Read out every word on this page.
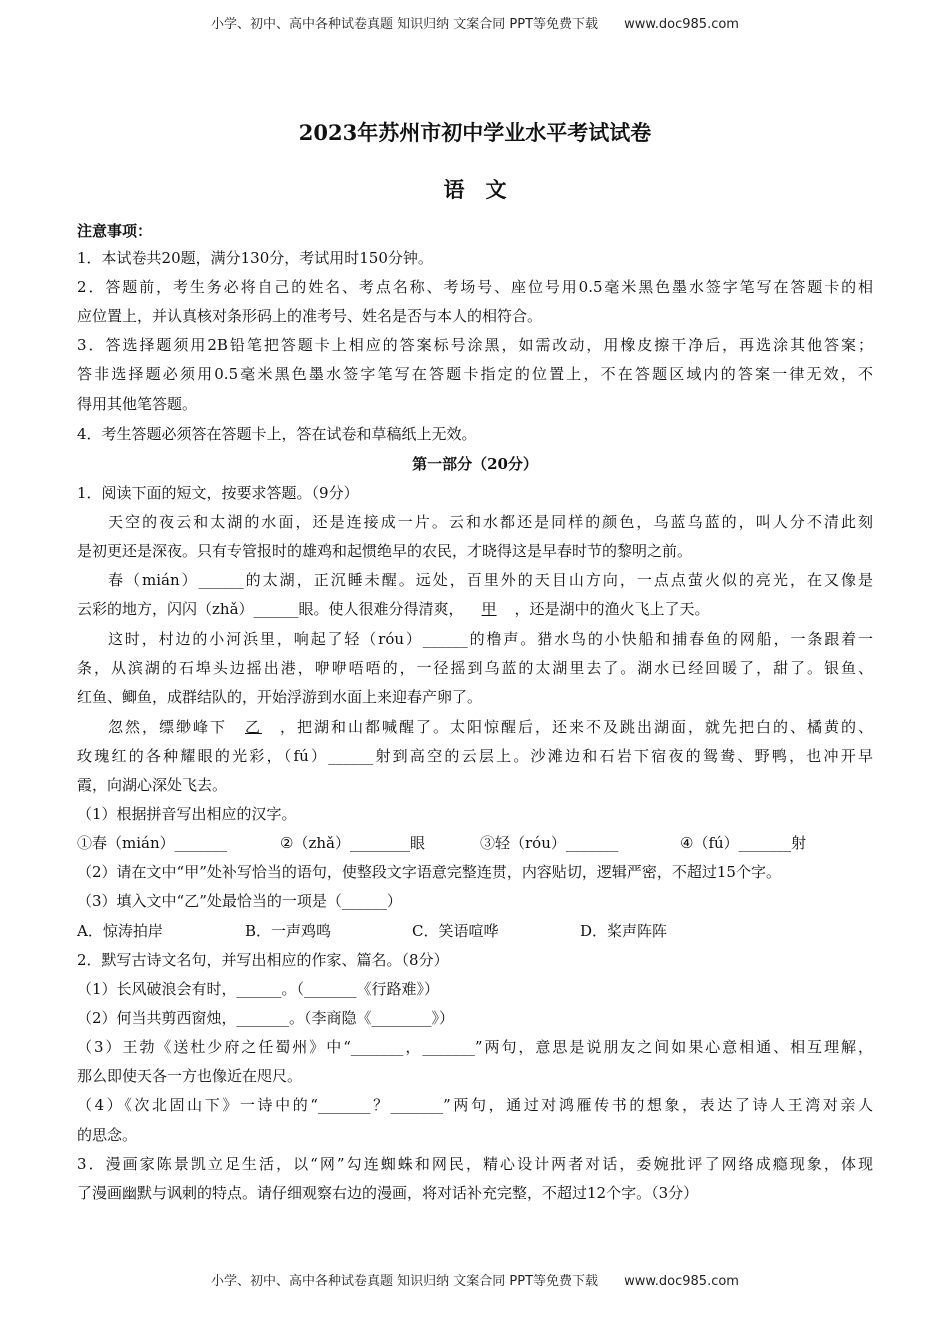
小学、初中、高中各种试卷真题 知识归纳 文案合同 PPT等免费下载 www.doc985.com
2023年苏州市初中学业水平考试试卷
语　文
注意事项：
1．本试卷共20题，满分130分，考试用时150分钟。
2．答题前，考生务必将自己的姓名、考点名称、考场号、座位号用0.5毫米黑色墨水签字笔写在答题卡的相
应位置上，并认真核对条形码上的准考号、姓名是否与本人的相符合。
3．答选择题须用2B铅笔把答题卡上相应的答案标号涂黑，如需改动，用橡皮擦干净后，再选涂其他答案；
答非选择题必须用0.5毫米黑色墨水签字笔写在答题卡指定的位置上，不在答题区域内的答案一律无效，不
得用其他笔答题。
4．考生答题必须答在答题卡上，答在试卷和草稿纸上无效。
第一部分（20分）
1．阅读下面的短文，按要求答题。（9分）
天空的夜云和太湖的水面，还是连接成一片。云和水都还是同样的颜色，乌蓝乌蓝的，叫人分不清此刻
是初更还是深夜。只有专管报时的雄鸡和起惯绝早的农民，才晓得这是早春时节的黎明之前。
春（mián）______的太湖，正沉睡未醒。远处，百里外的天目山方向，一点点萤火似的亮光，在又像是
云彩的地方，闪闪（zhǎ）______眼。使人很难分得清爽， 甲 ，还是湖中的渔火飞上了天。
这时，村边的小河浜里，响起了轻（róu）______的橹声。猎水鸟的小快船和捕春鱼的网船，一条跟着一
条，从滨湖的石埠头边摇出港，咿咿唔唔的，一径摇到乌蓝的太湖里去了。湖水已经回暖了，甜了。银鱼、
红鱼、鲫鱼，成群结队的，开始浮游到水面上来迎春产卵了。
忽然，缥缈峰下 乙 ，把湖和山都喊醒了。太阳惊醒后，还来不及跳出湖面，就先把白的、橘黄的、
玫瑰红的各种耀眼的光彩，（fú）______射到高空的云层上。沙滩边和石岩下宿夜的鸳鸯、野鸭，也冲开早
霞，向湖心深处飞去。
（1）根据拼音写出相应的汉字。
①春（mián）_______	②（zhǎ）________眼	③轻（róu）_______	④（fú）_______射
（2）请在文中“甲”处补写恰当的语句，使整段文字语意完整连贯，内容贴切，逻辑严密，不超过15个字。
（3）填入文中“乙”处最恰当的一项是（______）
A．惊涛拍岸	B．一声鸡鸣	C．笑语喧哗	D．桨声阵阵
2．默写古诗文名句，并写出相应的作家、篇名。（8分）
（1）长风破浪会有时，______。（_______《行路难》）
（2）何当共剪西窗烛，_______。（李商隐《________》）
（3）王勃《送杜少府之任蜀州》中“_______，_______”两句，意思是说朋友之间如果心意相通、相互理解，
那么即使天各一方也像近在咫尺。
（4）《次北固山下》一诗中的“_______？_______”两句，通过对鸿雁传书的想象，表达了诗人王湾对亲人
的思念。
3．漫画家陈景凯立足生活，以“网”勾连蜘蛛和网民，精心设计两者对话，委婉批评了网络成瘾现象，体现
了漫画幽默与讽刺的特点。请仔细观察右边的漫画，将对话补充完整，不超过12个字。（3分）
小学、初中、高中各种试卷真题 知识归纳 文案合同 PPT等免费下载 www.doc985.com
